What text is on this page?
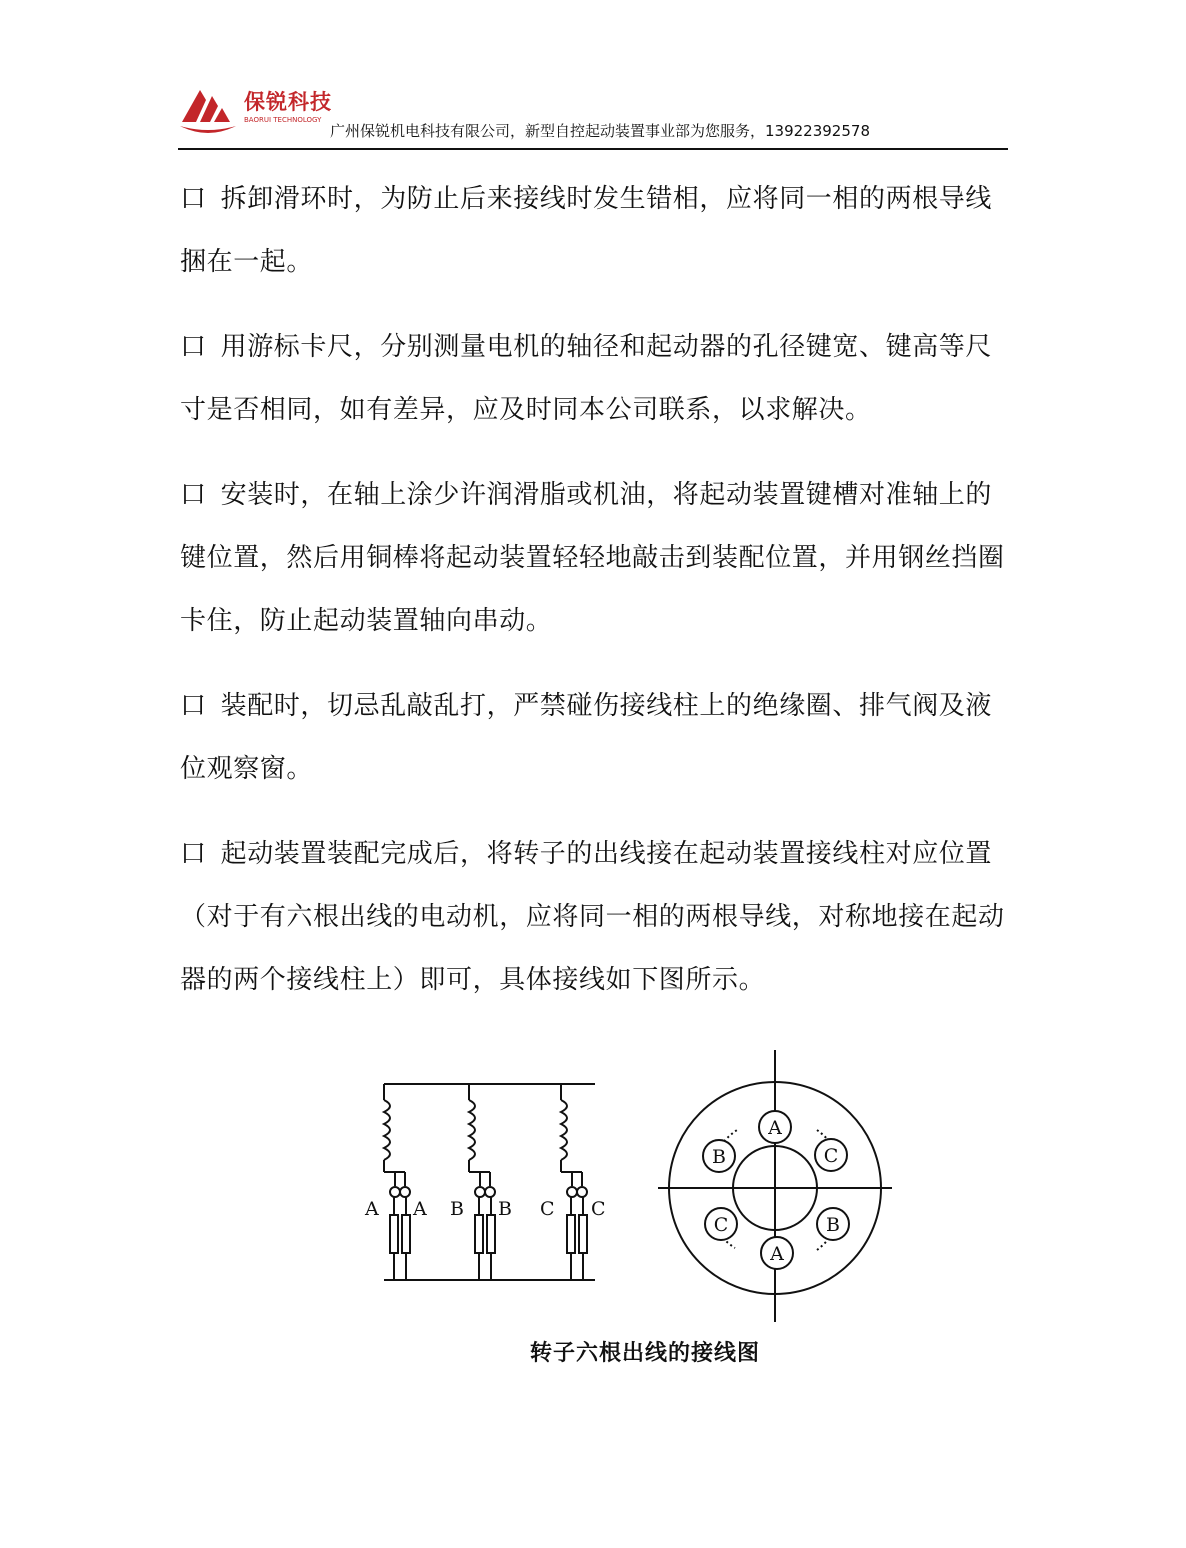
保锐科技
BAORUI TECHNOLOGY
广州保锐机电科技有限公司，新型自控起动装置事业部为您服务，13922392578

口 拆卸滑环时，为防止后来接线时发生错相，应将同一相的两根导线捆在一起。

口 用游标卡尺，分别测量电机的轴径和起动器的孔径键宽、键高等尺寸是否相同，如有差异，应及时同本公司联系，以求解决。

口 安装时，在轴上涂少许润滑脂或机油，将起动装置键槽对准轴上的键位置，然后用铜棒将起动装置轻轻地敲击到装配位置，并用钢丝挡圈卡住，防止起动装置轴向串动。

口 装配时，切忌乱敲乱打，严禁碰伤接线柱上的绝缘圈、排气阀及液位观察窗。

口 起动装置装配完成后，将转子的出线接在起动装置接线柱对应位置（对于有六根出线的电动机，应将同一相的两根导线，对称地接在起动器的两个接线柱上）即可，具体接线如下图所示。

A A B B C C
A
B	C
C	B
A
转子六根出线的接线图
